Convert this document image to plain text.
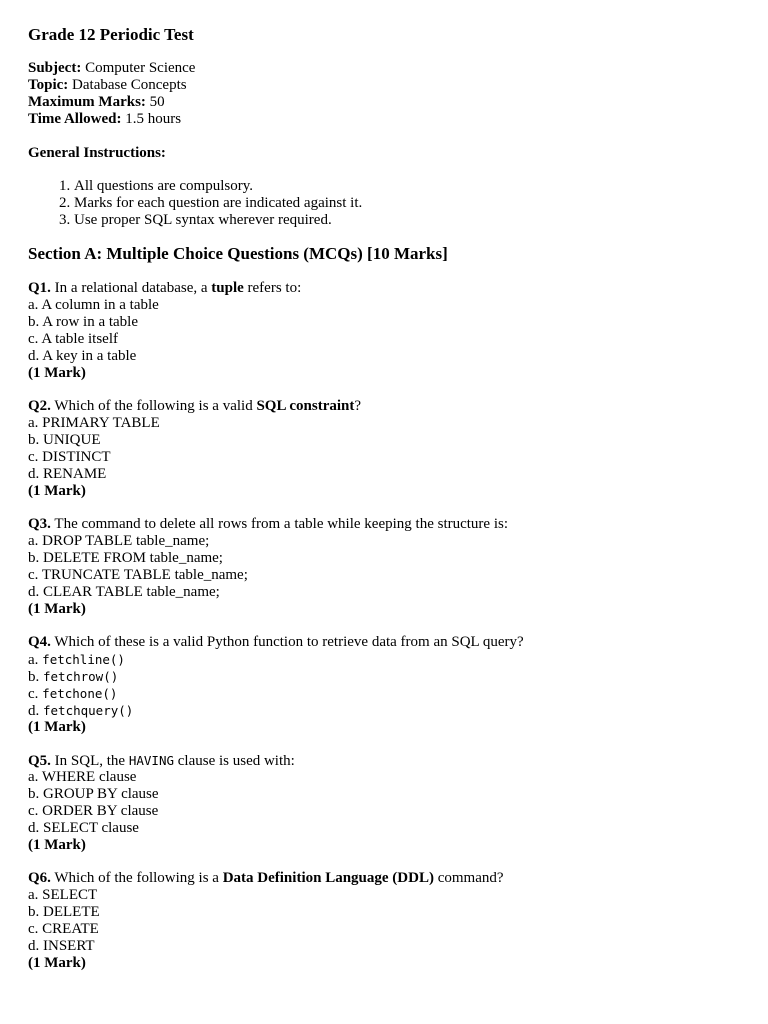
Grade 12 Periodic Test
Subject: Computer Science
Topic: Database Concepts
Maximum Marks: 50
Time Allowed: 1.5 hours
General Instructions:
1. All questions are compulsory.
2. Marks for each question are indicated against it.
3. Use proper SQL syntax wherever required.
Section A: Multiple Choice Questions (MCQs) [10 Marks]
Q1. In a relational database, a tuple refers to:
a. A column in a table
b. A row in a table
c. A table itself
d. A key in a table
(1 Mark)
Q2. Which of the following is a valid SQL constraint?
a. PRIMARY TABLE
b. UNIQUE
c. DISTINCT
d. RENAME
(1 Mark)
Q3. The command to delete all rows from a table while keeping the structure is:
a. DROP TABLE table_name;
b. DELETE FROM table_name;
c. TRUNCATE TABLE table_name;
d. CLEAR TABLE table_name;
(1 Mark)
Q4. Which of these is a valid Python function to retrieve data from an SQL query?
a. fetchline()
b. fetchrow()
c. fetchone()
d. fetchquery()
(1 Mark)
Q5. In SQL, the HAVING clause is used with:
a. WHERE clause
b. GROUP BY clause
c. ORDER BY clause
d. SELECT clause
(1 Mark)
Q6. Which of the following is a Data Definition Language (DDL) command?
a. SELECT
b. DELETE
c. CREATE
d. INSERT
(1 Mark)
